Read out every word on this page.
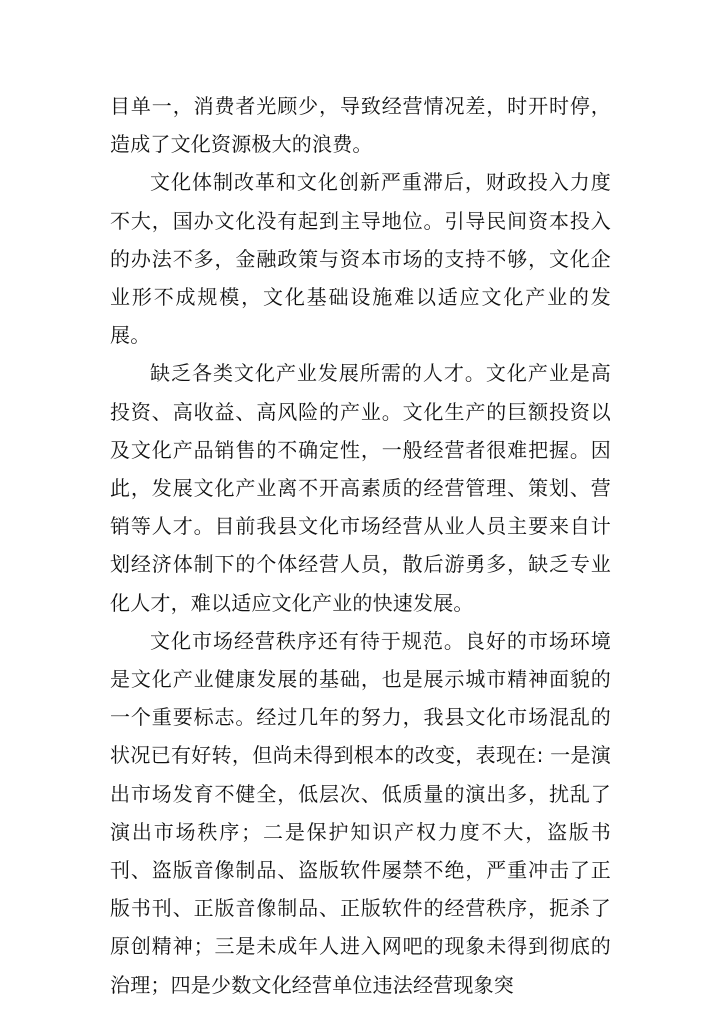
目单一，消费者光顾少，导致经营情况差，时开时停，造成了文化资源极大的浪费。

文化体制改革和文化创新严重滞后，财政投入力度不大，国办文化没有起到主导地位。引导民间资本投入的办法不多，金融政策与资本市场的支持不够，文化企业形不成规模，文化基础设施难以适应文化产业的发展。

缺乏各类文化产业发展所需的人才。文化产业是高投资、高收益、高风险的产业。文化生产的巨额投资以及文化产品销售的不确定性，一般经营者很难把握。因此，发展文化产业离不开高素质的经营管理、策划、营销等人才。目前我县文化市场经营从业人员主要来自计划经济体制下的个体经营人员，散后游勇多，缺乏专业化人才，难以适应文化产业的快速发展。

文化市场经营秩序还有待于规范。良好的市场环境是文化产业健康发展的基础，也是展示城市精神面貌的一个重要标志。经过几年的努力，我县文化市场混乱的状况已有好转，但尚未得到根本的改变，表现在: 一是演出市场发育不健全，低层次、低质量的演出多，扰乱了演出市场秩序；二是保护知识产权力度不大，盗版书刊、盗版音像制品、盗版软件屡禁不绝，严重冲击了正版书刊、正版音像制品、正版软件的经营秩序，扼杀了原创精神；三是未成年人进入网吧的现象未得到彻底的治理；四是少数文化经营单位违法经营现象突
